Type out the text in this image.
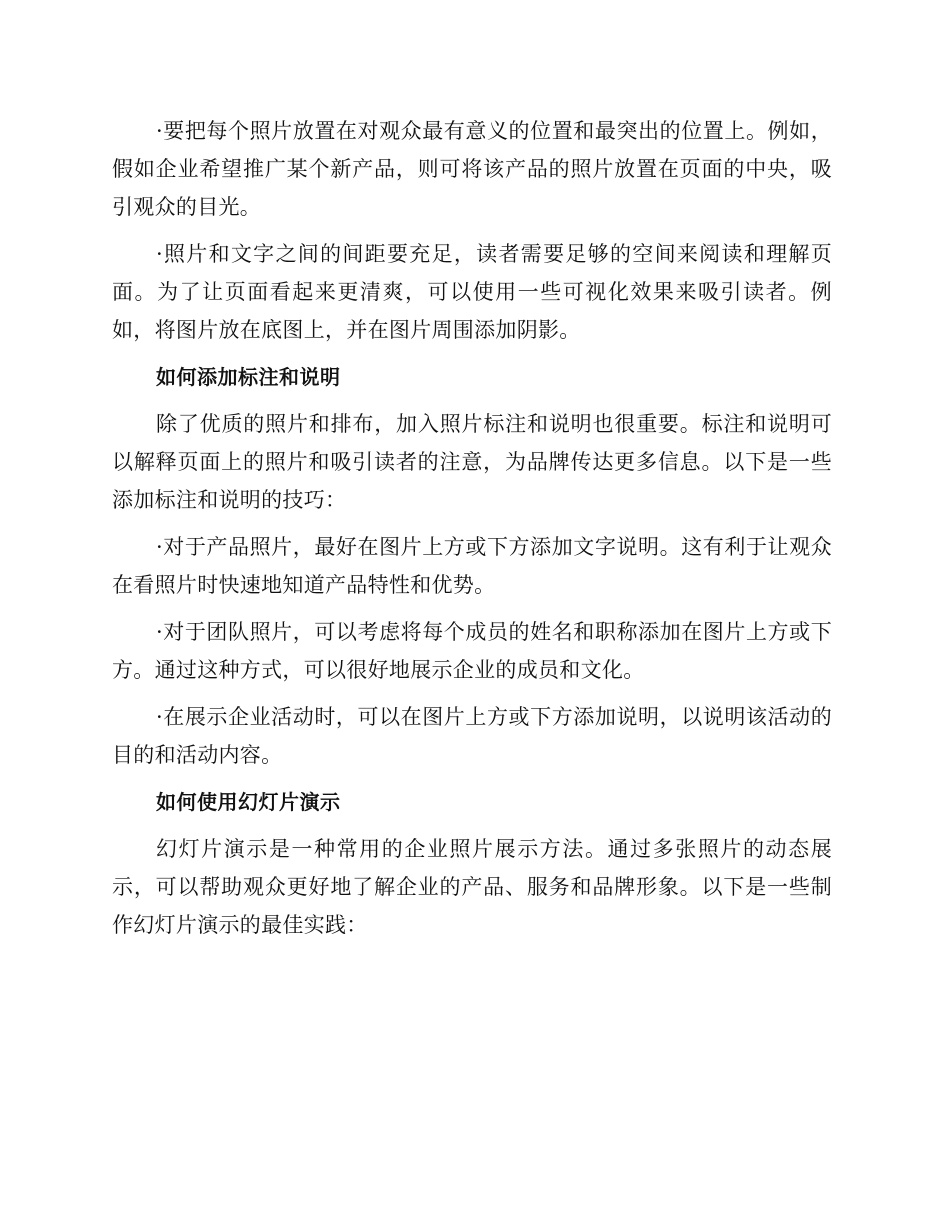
·要把每个照片放置在对观众最有意义的位置和最突出的位置上。例如，假如企业希望推广某个新产品，则可将该产品的照片放置在页面的中央，吸引观众的目光。

·照片和文字之间的间距要充足，读者需要足够的空间来阅读和理解页面。为了让页面看起来更清爽，可以使用一些可视化效果来吸引读者。例如，将图片放在底图上，并在图片周围添加阴影。

如何添加标注和说明

除了优质的照片和排布，加入照片标注和说明也很重要。标注和说明可以解释页面上的照片和吸引读者的注意，为品牌传达更多信息。以下是一些添加标注和说明的技巧：

·对于产品照片，最好在图片上方或下方添加文字说明。这有利于让观众在看照片时快速地知道产品特性和优势。

·对于团队照片，可以考虑将每个成员的姓名和职称添加在图片上方或下方。通过这种方式，可以很好地展示企业的成员和文化。

·在展示企业活动时，可以在图片上方或下方添加说明，以说明该活动的目的和活动内容。

如何使用幻灯片演示

幻灯片演示是一种常用的企业照片展示方法。通过多张照片的动态展示，可以帮助观众更好地了解企业的产品、服务和品牌形象。以下是一些制作幻灯片演示的最佳实践：
